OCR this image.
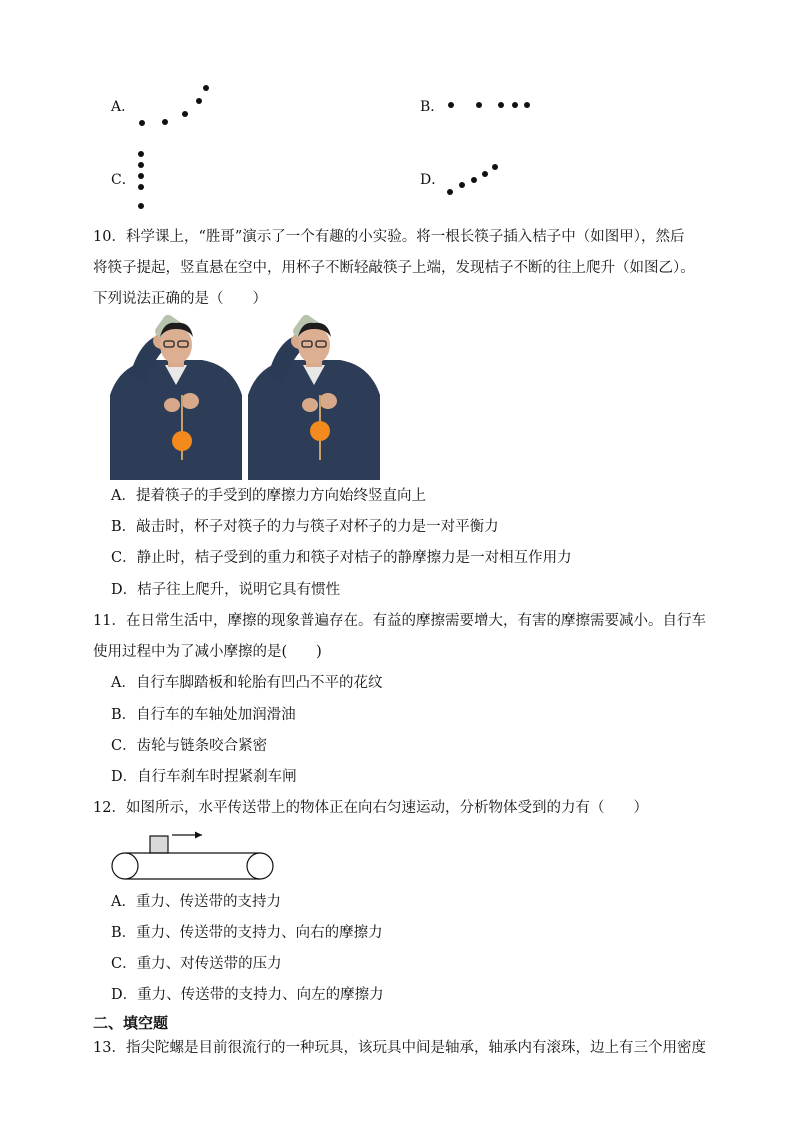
A．	B．
C．	D．
10．科学课上，“胜哥”演示了一个有趣的小实验。将一根长筷子插入桔子中（如图甲），然后
将筷子提起，竖直悬在空中，用杯子不断轻敲筷子上端，发现桔子不断的往上爬升（如图乙）。
下列说法正确的是（　　）
A．提着筷子的手受到的摩擦力方向始终竖直向上
B．敲击时，杯子对筷子的力与筷子对杯子的力是一对平衡力
C．静止时，桔子受到的重力和筷子对桔子的静摩擦力是一对相互作用力
D．桔子往上爬升，说明它具有惯性
11．在日常生活中，摩擦的现象普遍存在。有益的摩擦需要增大，有害的摩擦需要减小。自行车
使用过程中为了减小摩擦的是(　　)
A．自行车脚踏板和轮胎有凹凸不平的花纹
B．自行车的车轴处加润滑油
C．齿轮与链条咬合紧密
D．自行车刹车时捏紧刹车闸
12．如图所示，水平传送带上的物体正在向右匀速运动，分析物体受到的力有（　　）
A．重力、传送带的支持力
B．重力、传送带的支持力、向右的摩擦力
C．重力、对传送带的压力
D．重力、传送带的支持力、向左的摩擦力
二、填空题
13．指尖陀螺是目前很流行的一种玩具，该玩具中间是轴承，轴承内有滚珠，边上有三个用密度
